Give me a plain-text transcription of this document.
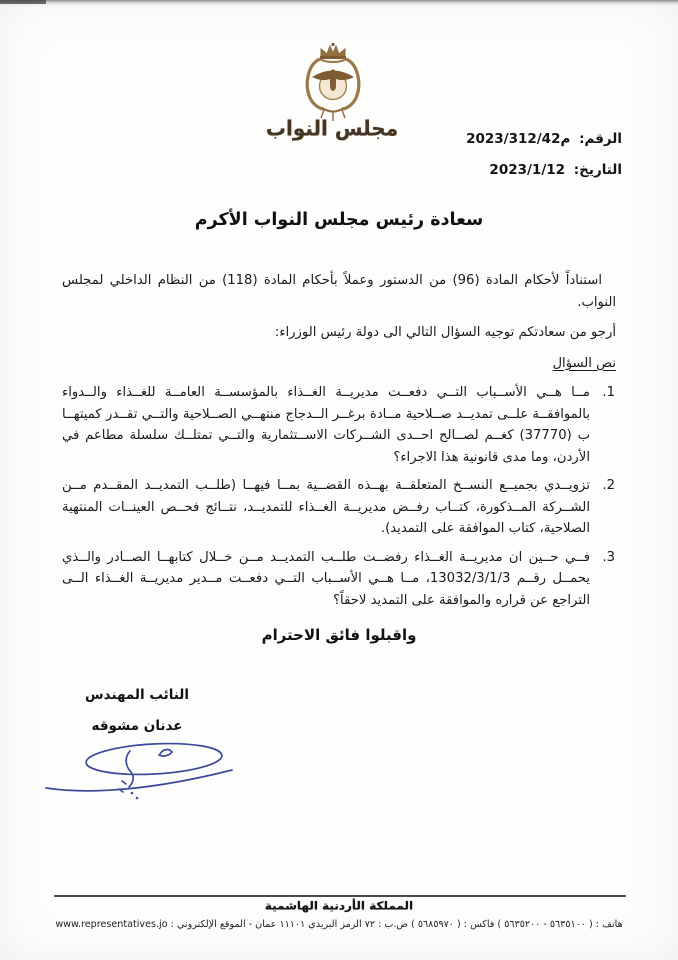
مجلس النواب	الرقم: م2023/312/42
التاريخ: 2023/1/12
سعادة رئيس مجلس النواب الأكرم

استناداً لأحكام المادة (96) من الدستور وعملاً بأحكام المادة (118) من النظام الداخلي لمجلس النواب.

أرجو من سعادتكم توجيه السؤال التالي الى دولة رئيس الوزراء:

نص السؤال
1.
مــا هــي الأســباب التــي دفعــت مديريــة الغــذاء بالمؤسســة العامــة للغــذاء والــدواء بالموافقــة علــى تمديــد صــلاحية مــادة برغــر الــدجاج منتهــي الصــلاحية والتــي تقــدر كميتهــا ب (37770) كغــم لصــالح احــدى الشــركات الاســتثمارية والتــي تمتلــك سلسلة مطاعم في الأردن، وما مدى قانونية هذا الاجراء؟
2.
تزويــدي بجميــع النســخ المتعلقــة بهــذه القضــية بمــا فيهــا (طلــب التمديــد المقــدم مــن الشــركة المــذكورة، كتــاب رفــض مديريــة الغــذاء للتمديــد، نتــائج فحــص العينــات المنتهية الصلاحية، كتاب الموافقة على التمديد).
3.
فــي حــين ان مديريــة الغــذاء رفضــت طلــب التمديــد مــن خــلال كتابهــا الصــادر والــذي يحمــل رقــم 13032/3/1/3، مــا هــي الأســباب التــي دفعــت مــدير مديريــة الغــذاء الــى التراجع عن قراره والموافقة على التمديد لاحقاً؟
واقبلوا فائق الاحترام
النائب المهندس
عدنان مشوقه
المملكة الأردنية الهاشمية
هاتف : ( ٥٦٣٥١٠٠ - ٥٦٣٥٢٠٠ ) فاكس : ( ٥٦٨٥٩٧٠ ) ص.ب : ٧٢ الرمز البريدي ١١١٠١ عمان - الموقع الإلكتروني : www.representatives.jo
